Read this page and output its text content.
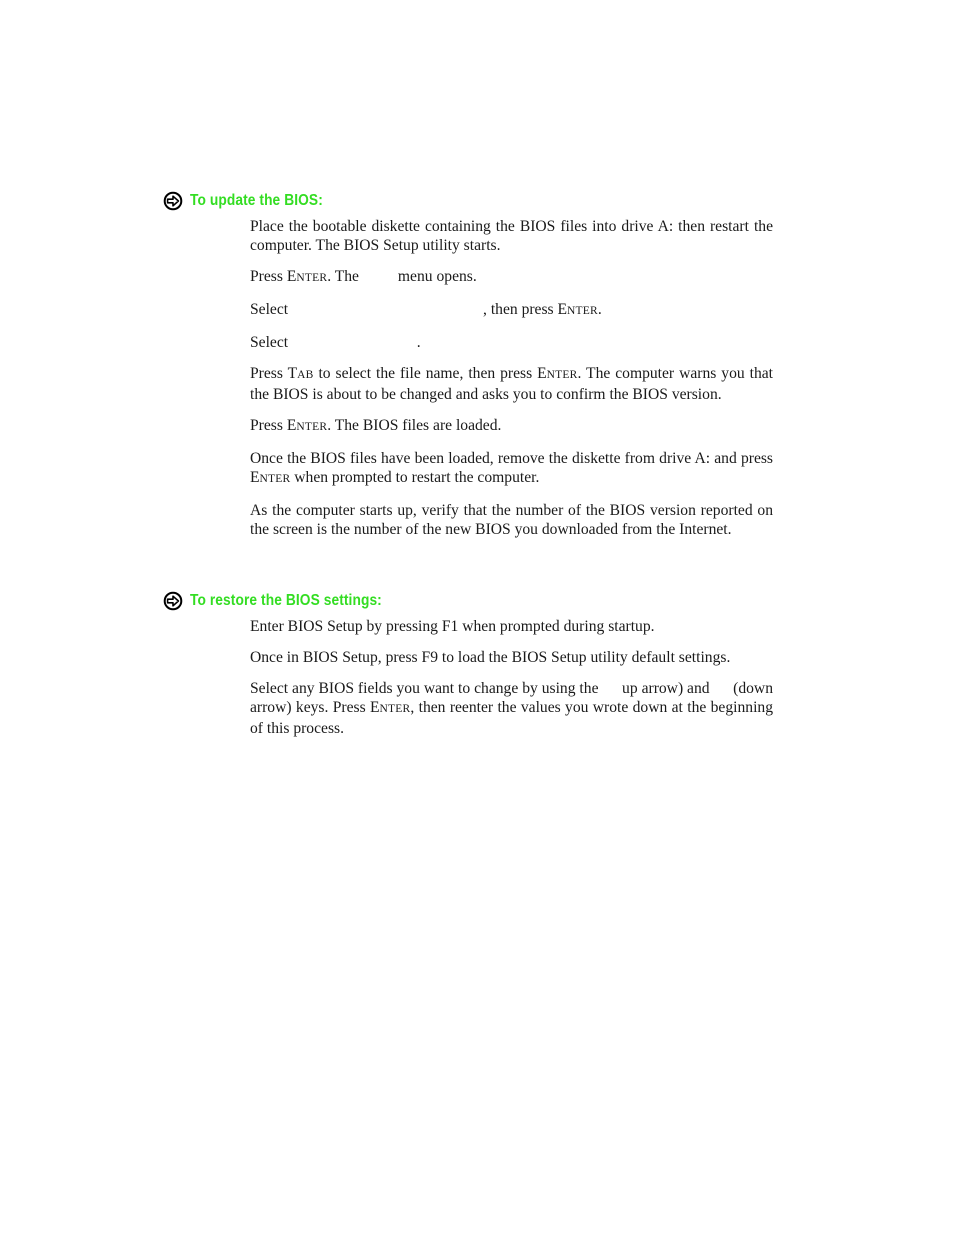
To update the BIOS:
Place the bootable diskette containing the BIOS files into drive A: then restart the computer. The BIOS Setup utility starts.
Press ENTER. The          menu opens.
Select                                                  , then press ENTER.
Select                                 .
Press TAB to select the file name, then press ENTER. The computer warns you that the BIOS is about to be changed and asks you to confirm the BIOS version.
Press ENTER. The BIOS files are loaded.
Once the BIOS files have been loaded, remove the diskette from drive A: and press ENTER when prompted to restart the computer.
As the computer starts up, verify that the number of the BIOS version reported on the screen is the number of the new BIOS you downloaded from the Internet.
To restore the BIOS settings:
Enter BIOS Setup by pressing F1 when prompted during startup.
Once in BIOS Setup, press F9 to load the BIOS Setup utility default settings.
Select any BIOS fields you want to change by using the      up arrow) and      (down arrow) keys. Press ENTER, then reenter the values you wrote down at the beginning of this process.
